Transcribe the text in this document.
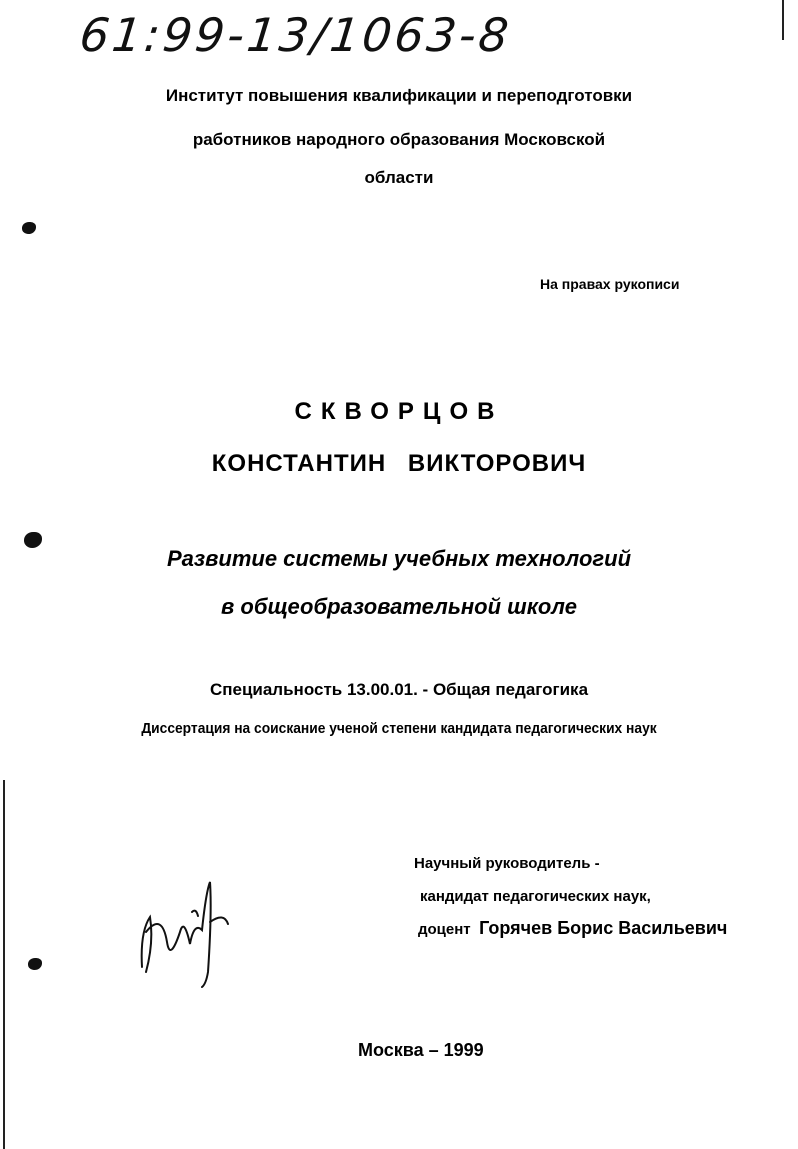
61:99-13/1063-8
Институт повышения квалификации и переподготовки
работников народного образования Московской
области
На правах рукописи
СКВОРЦОВ
КОНСТАНТИН ВИКТОРОВИЧ
Развитие системы учебных технологий
в общеобразовательной школе
Специальность 13.00.01. - Общая педагогика
Диссертация на соискание ученой степени кандидата педагогических наук
Научный руководитель -
кандидат педагогических наук,
доцент Горячев Борис Васильевич
Москва – 1999
